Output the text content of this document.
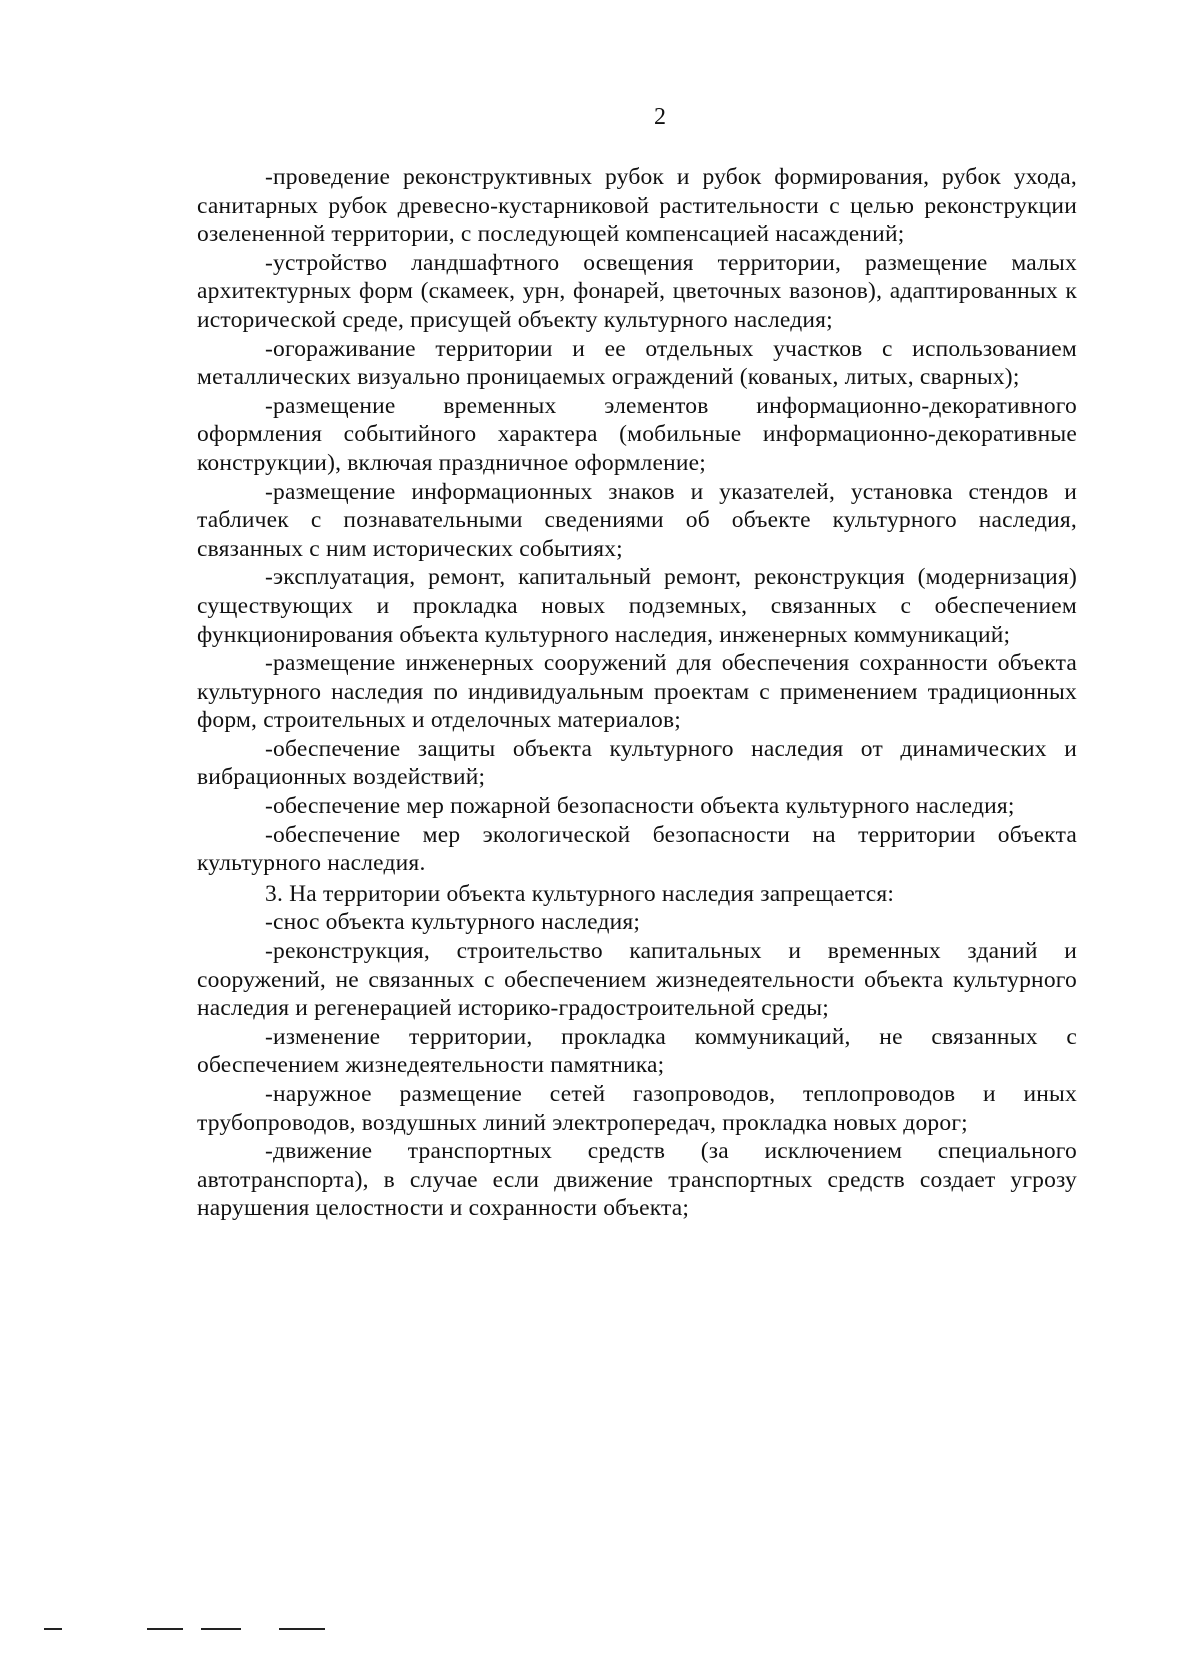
2

-проведение реконструктивных рубок и рубок формирования, рубок ухода, санитарных рубок древесно-кустарниковой растительности с целью реконструкции озелененной территории, с последующей компенсацией насаждений;

-устройство ландшафтного освещения территории, размещение малых архитектурных форм (скамеек, урн, фонарей, цветочных вазонов), адаптированных к исторической среде, присущей объекту культурного наследия;

-огораживание территории и ее отдельных участков с использованием металлических визуально проницаемых ограждений (кованых, литых, сварных);

-размещение временных элементов информационно-декоративного оформления событийного характера (мобильные информационно-декоративные конструкции), включая праздничное оформление;

-размещение информационных знаков и указателей, установка стендов и табличек с познавательными сведениями об объекте культурного наследия, связанных с ним исторических событиях;

-эксплуатация, ремонт, капитальный ремонт, реконструкция (модернизация) существующих и прокладка новых подземных, связанных с обеспечением функционирования объекта культурного наследия, инженерных коммуникаций;

-размещение инженерных сооружений для обеспечения сохранности объекта культурного наследия по индивидуальным проектам с применением традиционных форм, строительных и отделочных материалов;

-обеспечение защиты объекта культурного наследия от динамических и вибрационных воздействий;

-обеспечение мер пожарной безопасности объекта культурного наследия;

-обеспечение мер экологической безопасности на территории объекта культурного наследия.

3. На территории объекта культурного наследия запрещается:

-снос объекта культурного наследия;

-реконструкция, строительство капитальных и временных зданий и сооружений, не связанных с обеспечением жизнедеятельности объекта культурного наследия и регенерацией историко-градостроительной среды;

-изменение территории, прокладка коммуникаций, не связанных с обеспечением жизнедеятельности памятника;

-наружное размещение сетей газопроводов, теплопроводов и иных трубопроводов, воздушных линий электропередач, прокладка новых дорог;

-движение транспортных средств (за исключением специального автотранспорта), в случае если движение транспортных средств создает угрозу нарушения целостности и сохранности объекта;
